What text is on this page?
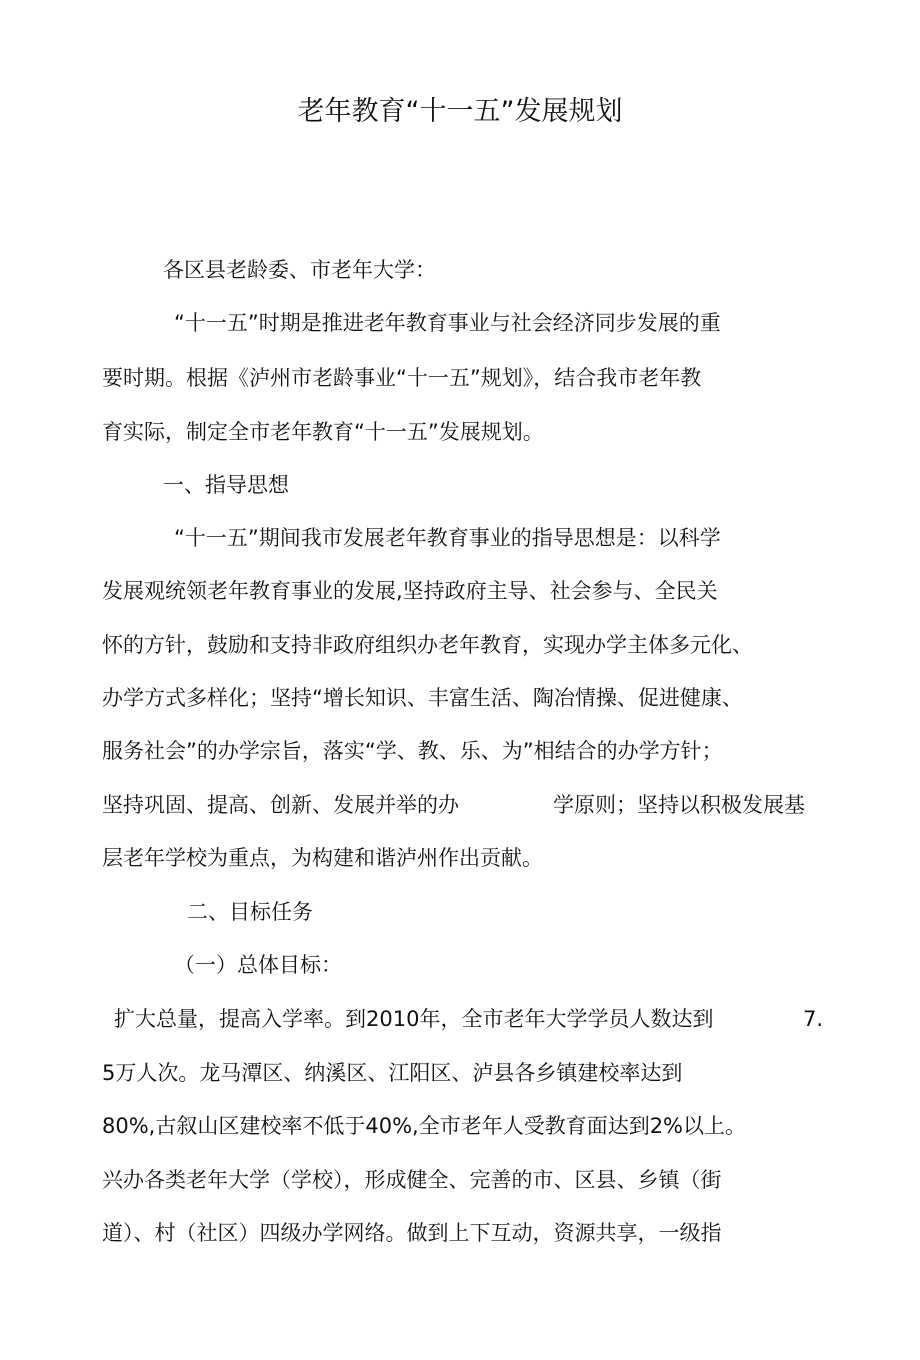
老年教育“十一五”发展规划
各区县老龄委、市老年大学：
“十一五”时期是推进老年教育事业与社会经济同步发展的重
要时期。根据《泸州市老龄事业“十一五”规划》，结合我市老年教
育实际，制定全市老年教育“十一五”发展规划。
一、指导思想
“十一五”期间我市发展老年教育事业的指导思想是：以科学
发展观统领老年教育事业的发展,坚持政府主导、社会参与、全民关
怀的方针，鼓励和支持非政府组织办老年教育，实现办学主体多元化、
办学方式多样化；坚持“增长知识、丰富生活、陶冶情操、促进健康、
服务社会”的办学宗旨，落实“学、教、乐、为”相结合的办学方针；
坚持巩固、提高、创新、发展并举的办	学原则；坚持以积极发展基
层老年学校为重点，为构建和谐泸州作出贡献。
二、目标任务
（一）总体目标：
扩大总量，提高入学率。到2010年，全市老年大学学员人数达到	7.
5万人次。龙马潭区、纳溪区、江阳区、泸县各乡镇建校率达到
80%,古叙山区建校率不低于40%,全市老年人受教育面达到2%以上。
兴办各类老年大学（学校），形成健全、完善的市、区县、乡镇（街
道）、村（社区）四级办学网络。做到上下互动，资源共享，一级指
